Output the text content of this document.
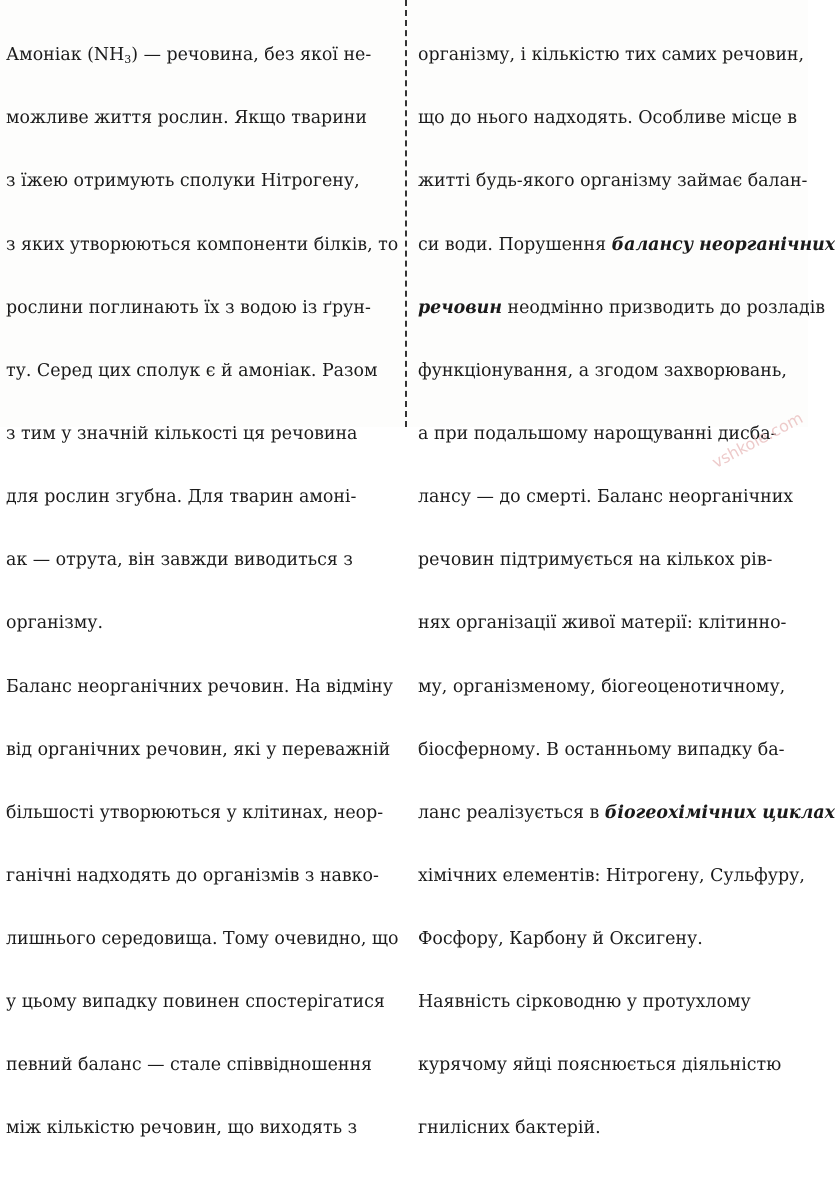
Амоніак $(NH_3)$ — речовина, без якої не-

можливе життя рослин. Якщо тварини

з їжею отримують сполуки Нітрогену,

з яких утворюються компоненти білків, то

рослини поглинають їх з водою із ґрун-

ту. Серед цих сполук є й амоніак. Разом

з тим у значній кількості ця речовина

для рослин згубна. Для тварин амоні-

ак — отрута, він завжди виводиться з

організму.

Баланс неорганічних речовин. На відміну

від органічних речовин, які у переважній

більшості утворюються у клітинах, неор-

ганічні надходять до організмів з навко-

лишнього середовища. Тому очевидно, що

у цьому випадку повинен спостерігатися

певний баланс — стале співвідношення

між кількістю речовин, що виходять з

організму, і кількістю тих самих речовин,

що до нього надходять. Особливе місце в

житті будь-якого організму займає балан-

си води. Порушення балансу неорганічних

речовин неодмінно призводить до розладів

функціонування, а згодом захворювань,

а при подальшому нарощуванні дисба-

лансу — до смерті. Баланс неорганічних

речовин підтримується на кількох рів-

нях організації живої матерії: клітинно-

му, організменому, біогеоценотичному,

біосферному. В останньому випадку ба-

ланс реалізується в біогеохімічних циклах

хімічних елементів: Нітрогену, Сульфуру,

Фосфору, Карбону й Оксигену.

Наявність сірководню у протухлому

курячому яйці пояснюється діяльністю

гнилісних бактерій.

vshkole.com
